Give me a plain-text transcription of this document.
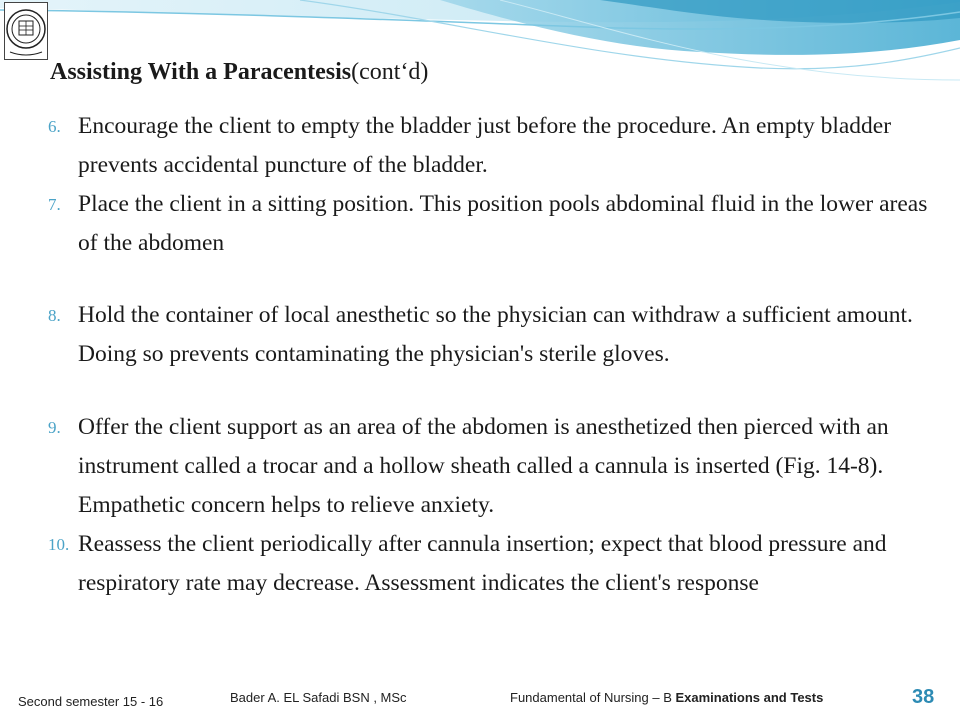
Assisting With a Paracentesis(cont‘d)
6. Encourage the client to empty the bladder just before the procedure. An empty bladder prevents accidental puncture of the bladder.
7. Place the client in a sitting position. This position pools abdominal fluid in the lower areas of the abdomen
8. Hold the container of local anesthetic so the physician can withdraw a sufficient amount. Doing so prevents contaminating the physician's sterile gloves.
9. Offer the client support as an area of the abdomen is anesthetized then pierced with an instrument called a trocar and a hollow sheath called a cannula is inserted (Fig. 14-8). Empathetic concern helps to relieve anxiety.
10. Reassess the client periodically after cannula insertion; expect that blood pressure and respiratory rate may decrease. Assessment indicates the client's response
Second semester 15 - 16	Bader A. EL Safadi BSN , MSc	Fundamental of Nursing – B Examinations and Tests	38
